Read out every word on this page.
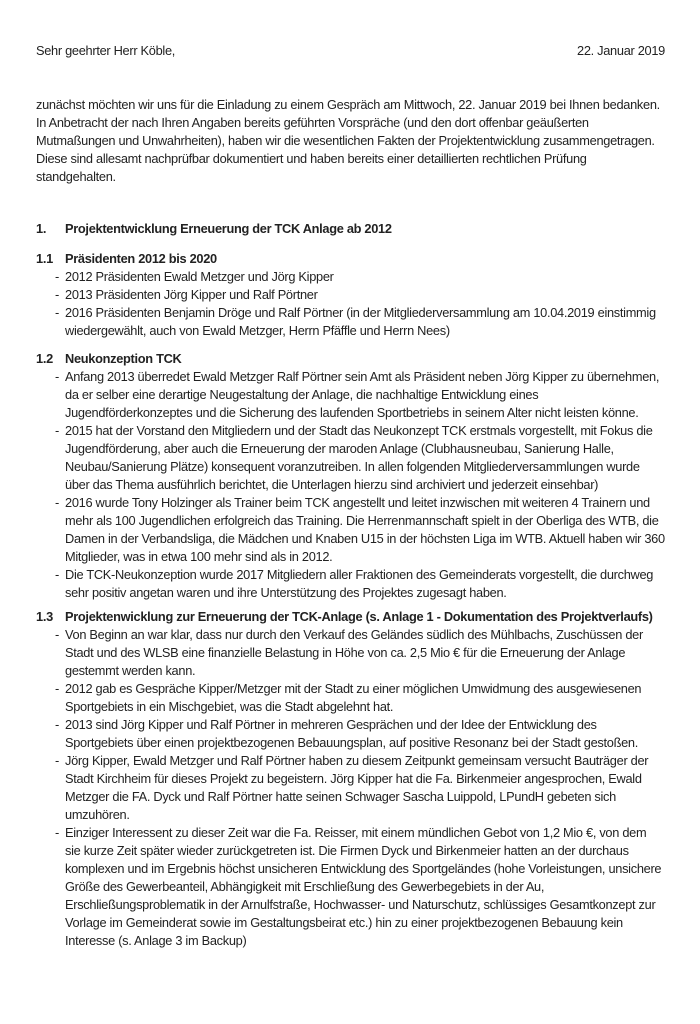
Sehr geehrter Herr Köble,	22. Januar 2019

zunächst möchten wir uns für die Einladung zu einem Gespräch am Mittwoch, 22. Januar 2019 bei Ihnen bedanken. In Anbetracht der nach Ihren Angaben bereits geführten Vorspräche (und den dort offenbar geäußerten Mutmaßungen und Unwahrheiten), haben wir die wesentlichen Fakten der Projektentwicklung zusammengetragen. Diese sind allesamt nachprüfbar dokumentiert und haben bereits einer detaillierten rechtlichen Prüfung standgehalten.

1.	Projektentwicklung Erneuerung der TCK Anlage ab 2012
1.1 Präsidenten 2012 bis 2020
- 2012 Präsidenten Ewald Metzger und Jörg Kipper
- 2013 Präsidenten Jörg Kipper und Ralf Pörtner
- 2016 Präsidenten Benjamin Dröge und Ralf Pörtner (in der Mitgliederversammlung am 10.04.2019 einstimmig wiedergewählt, auch von Ewald Metzger, Herrn Pfäffle und Herrn Nees)
1.2 Neukonzeption TCK
- Anfang 2013 überredet Ewald Metzger Ralf Pörtner sein Amt als Präsident neben Jörg Kipper zu übernehmen, da er selber eine derartige Neugestaltung der Anlage, die nachhaltige Entwicklung eines Jugendförderkonzeptes und die Sicherung des laufenden Sportbetriebs in seinem Alter nicht leisten könne.
- 2015 hat der Vorstand den Mitgliedern und der Stadt das Neukonzept TCK erstmals vorgestellt, mit Fokus die Jugendförderung, aber auch die Erneuerung der maroden Anlage (Clubhausneubau, Sanierung Halle, Neubau/Sanierung Plätze) konsequent voranzutreiben. In allen folgenden Mitgliederversammlungen wurde über das Thema ausführlich berichtet, die Unterlagen hierzu sind archiviert und jederzeit einsehbar)
- 2016 wurde Tony Holzinger als Trainer beim TCK angestellt und leitet inzwischen mit weiteren 4 Trainern und mehr als 100 Jugendlichen erfolgreich das Training. Die Herrenmannschaft spielt in der Oberliga des WTB, die Damen in der Verbandsliga, die Mädchen und Knaben U15 in der höchsten Liga im WTB. Aktuell haben wir 360 Mitglieder, was in etwa 100 mehr sind als in 2012.
- Die TCK-Neukonzeption wurde 2017 Mitgliedern aller Fraktionen des Gemeinderats vorgestellt, die durchweg sehr positiv angetan waren und ihre Unterstützung des Projektes zugesagt haben.
1.3 Projektenwicklung zur Erneuerung der TCK-Anlage (s. Anlage 1 - Dokumentation des Projektverlaufs)
- Von Beginn an war klar, dass nur durch den Verkauf des Geländes südlich des Mühlbachs, Zuschüssen der Stadt und des WLSB eine finanzielle Belastung in Höhe von ca. 2,5 Mio € für die Erneuerung der Anlage gestemmt werden kann.
- 2012 gab es Gespräche Kipper/Metzger mit der Stadt zu einer möglichen Umwidmung des ausgewiesenen Sportgebiets in ein Mischgebiet, was die Stadt abgelehnt hat.
- 2013 sind Jörg Kipper und Ralf Pörtner in mehreren Gesprächen und der Idee der Entwicklung des Sportgebiets über einen projektbezogenen Bebauungsplan, auf positive Resonanz bei der Stadt gestoßen.
- Jörg Kipper, Ewald Metzger und Ralf Pörtner haben zu diesem Zeitpunkt gemeinsam versucht Bauträger der Stadt Kirchheim für dieses Projekt zu begeistern. Jörg Kipper hat die Fa. Birkenmeier angesprochen, Ewald Metzger die FA. Dyck und Ralf Pörtner hatte seinen Schwager Sascha Luippold, LPundH gebeten sich umzuhören.
- Einziger Interessent zu dieser Zeit war die Fa. Reisser, mit einem mündlichen Gebot von 1,2 Mio €, von dem sie kurze Zeit später wieder zurückgetreten ist. Die Firmen Dyck und Birkenmeier hatten an der durchaus komplexen und im Ergebnis höchst unsicheren Entwicklung des Sportgeländes (hohe Vorleistungen, unsichere Größe des Gewerbeanteil, Abhängigkeit mit Erschließung des Gewerbegebiets in der Au, Erschließungsproblematik in der Arnulfstraße, Hochwasser- und Naturschutz, schlüssiges Gesamtkonzept zur Vorlage im Gemeinderat sowie im Gestaltungsbeirat etc.) hin zu einer projektbezogenen Bebauung kein Interesse (s. Anlage 3 im Backup)
